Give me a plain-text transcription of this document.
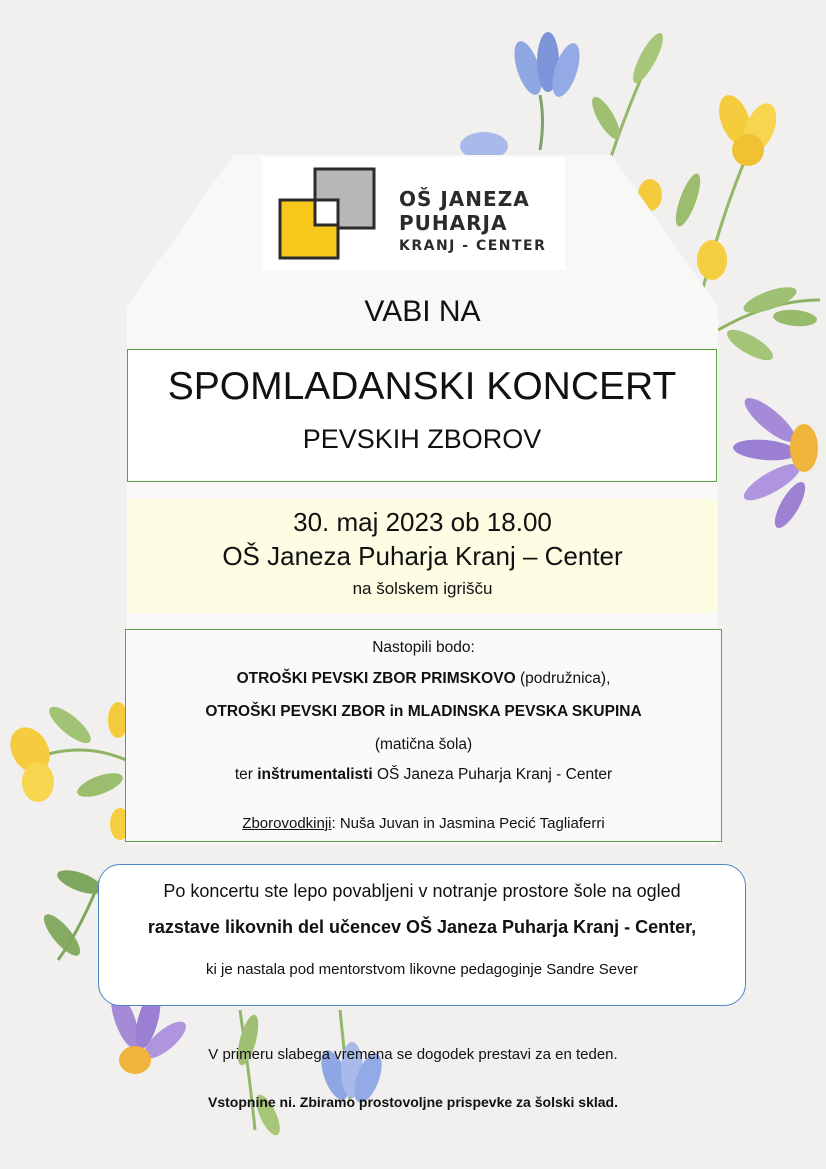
OŠ JANEZA
PUHARJA
KRANJ - CENTER
VABI NA
SPOMLADANSKI KONCERT
PEVSKIH ZBOROV
30. maj 2023 ob 18.00
OŠ Janeza Puharja Kranj – Center
na šolskem igrišču
Nastopili bodo:
OTROŠKI PEVSKI ZBOR PRIMSKOVO (podružnica),
OTROŠKI PEVSKI ZBOR in MLADINSKA PEVSKA SKUPINA
(matična šola)
ter inštrumentalisti OŠ Janeza Puharja Kranj - Center
Zborovodkinji: Nuša Juvan in Jasmina Pecić Tagliaferri
Po koncertu ste lepo povabljeni v notranje prostore šole na ogled
razstave likovnih del učencev OŠ Janeza Puharja Kranj - Center,
ki je nastala pod mentorstvom likovne pedagoginje Sandre Sever
V primeru slabega vremena se dogodek prestavi za en teden.
Vstopnine ni. Zbiramo prostovoljne prispevke za šolski sklad.
